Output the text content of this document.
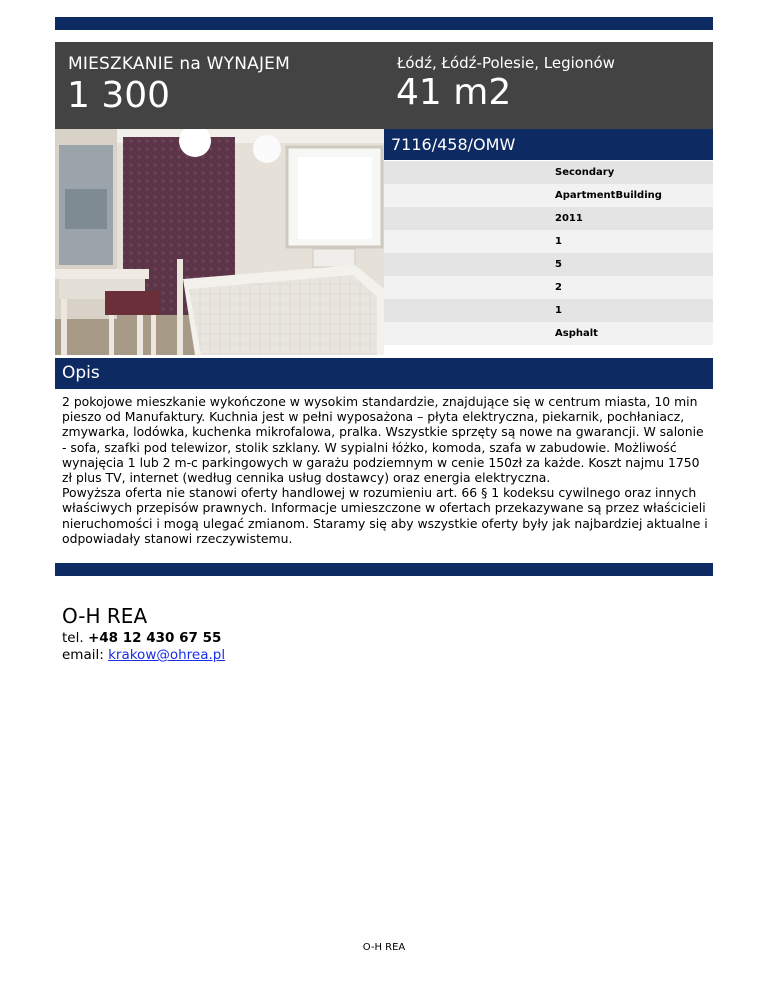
MIESZKANIE na WYNAJEM
1 300
Łódź, Łódź-Polesie, Legionów
41 m2
7116/458/OMW
Secondary
ApartmentBuilding
2011
1
5
2
1
Asphalt
Opis

2 pokojowe mieszkanie wykończone w wysokim standardzie, znajdujące się w centrum miasta, 10 min pieszo od Manufaktury. Kuchnia jest w pełni wyposażona – płyta elektryczna, piekarnik, pochłaniacz, zmywarka, lodówka, kuchenka mikrofalowa, pralka. Wszystkie sprzęty są nowe na gwarancji. W salonie - sofa, szafki pod telewizor, stolik szklany. W sypialni łóżko, komoda, szafa w zabudowie. Możliwość wynajęcia 1 lub 2 m-c parkingowych w garażu podziemnym w cenie 150zł za każde. Koszt najmu 1750 zł plus TV, internet (według cennika usług dostawcy) oraz energia elektryczna.

Powyższa oferta nie stanowi oferty handlowej w rozumieniu art. 66 § 1 kodeksu cywilnego oraz innych właściwych przepisów prawnych. Informacje umieszczone w ofertach przekazywane są przez właścicieli nieruchomości i mogą ulegać zmianom. Staramy się aby wszystkie oferty były jak najbardziej aktualne i odpowiadały stanowi rzeczywistemu.

O-H REA
tel. +48 12 430 67 55
email: krakow@ohrea.pl
O-H REA
